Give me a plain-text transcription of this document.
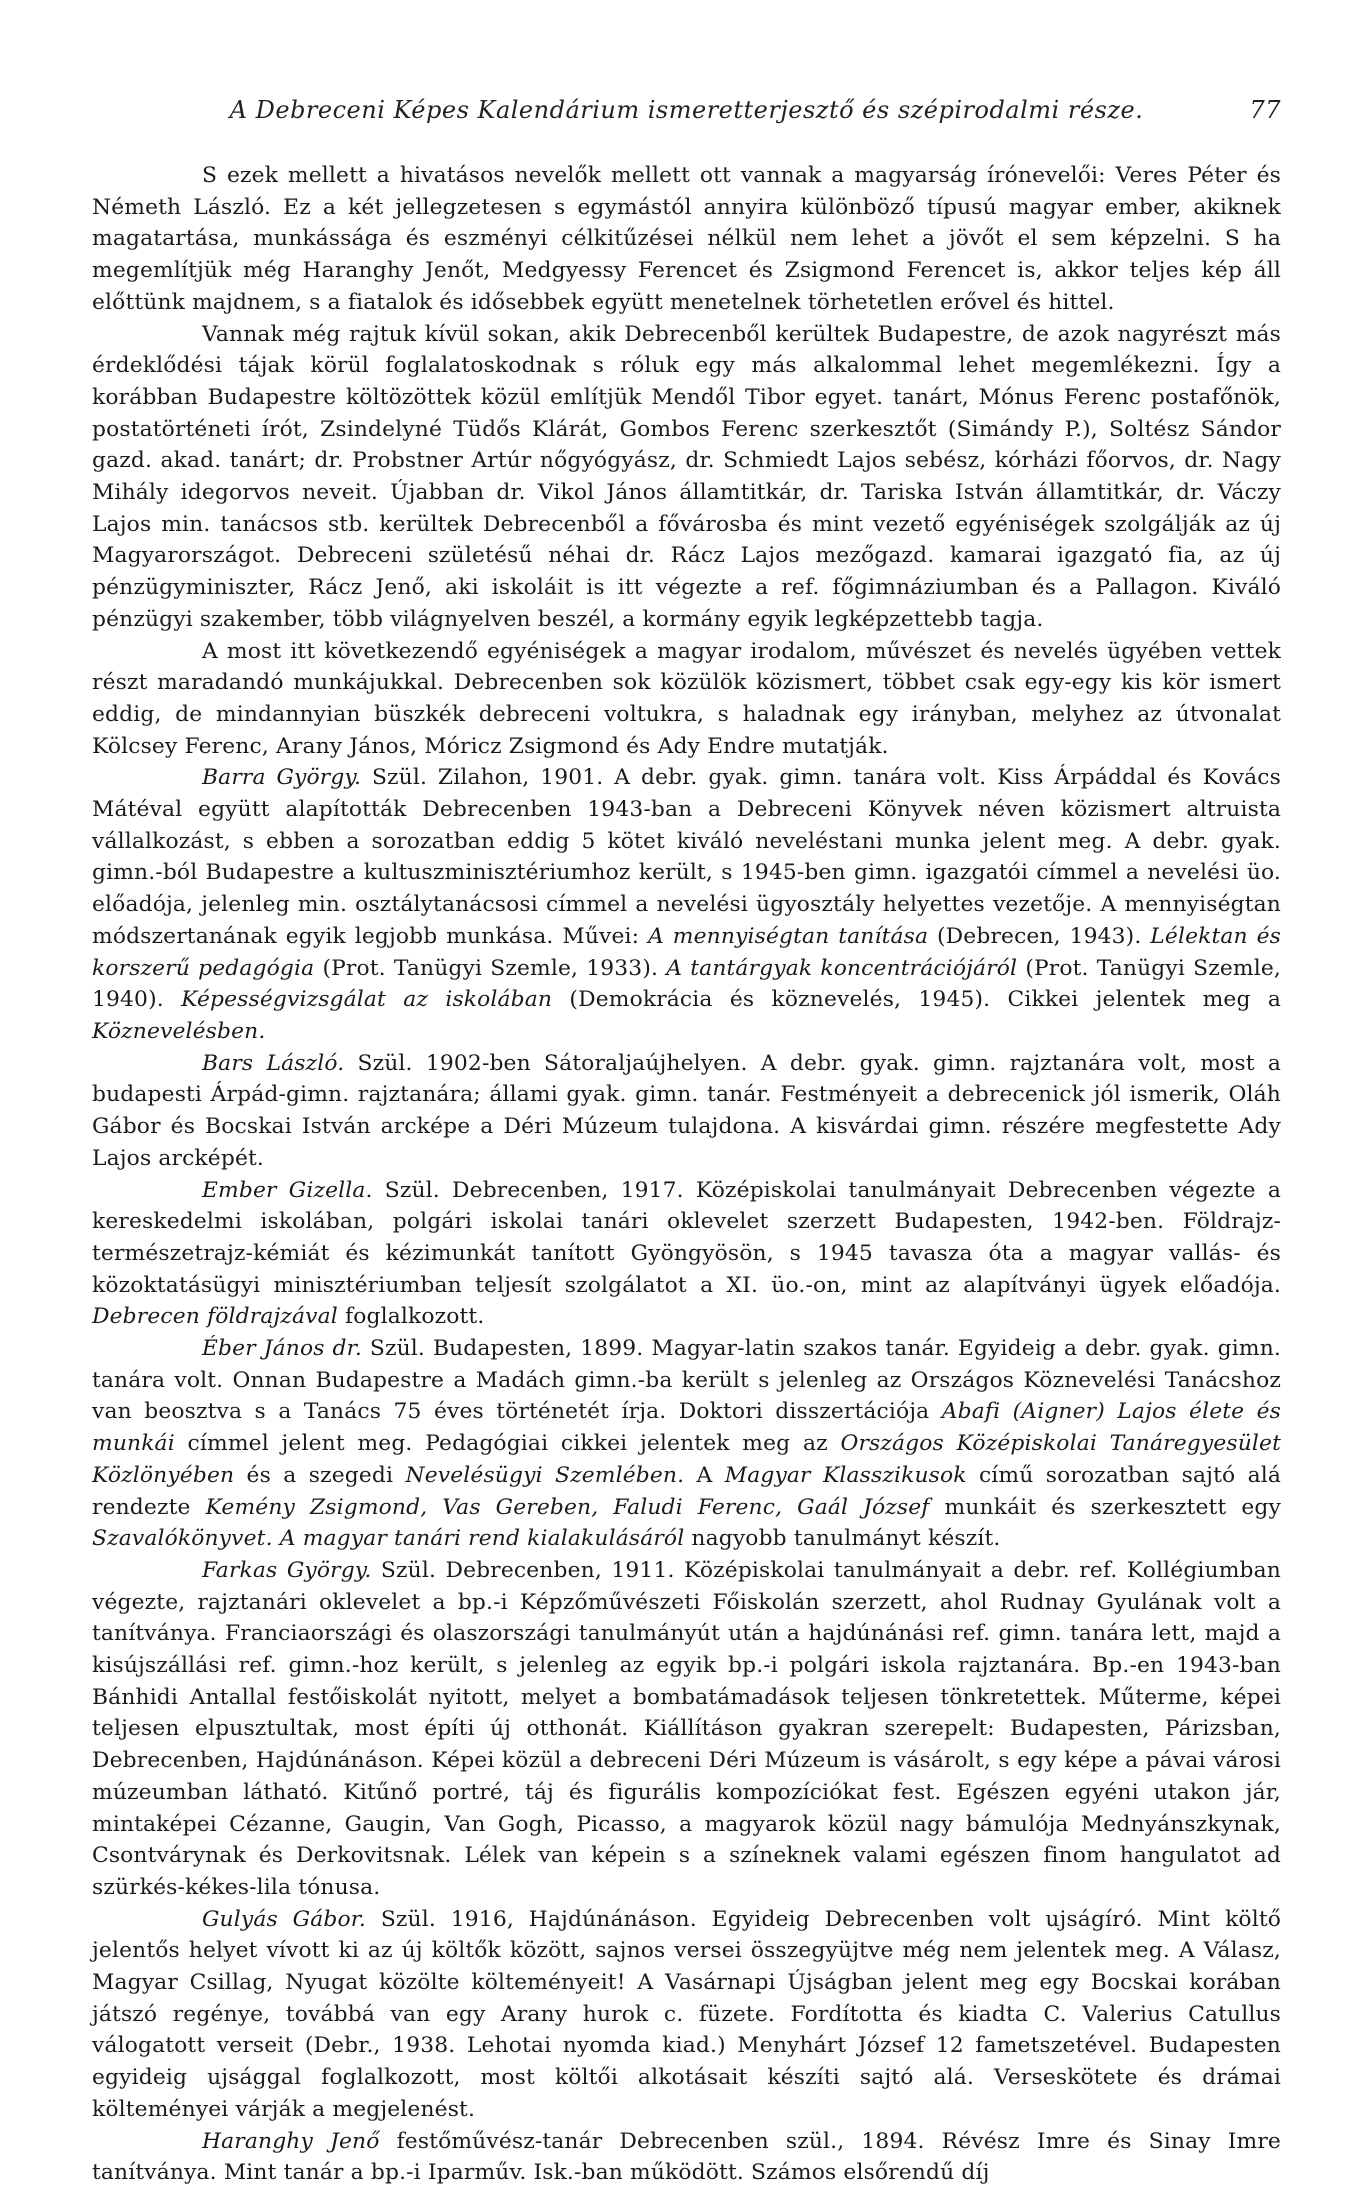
A Debreceni Képes Kalendárium ismeretterjesztő és szépirodalmi része.	77

S ezek mellett a hivatásos nevelők mellett ott vannak a magyarság írónevelői: Veres Péter és Németh László. Ez a két jellegzetesen s egymástól annyira különböző típusú magyar ember, akiknek magatartása, munkássága és eszményi célkitűzései nélkül nem lehet a jövőt el sem képzelni. S ha megemlítjük még Haranghy Jenőt, Medgyessy Ferencet és Zsigmond Ferencet is, akkor teljes kép áll előttünk majdnem, s a fiatalok és idősebbek együtt menetelnek törhetetlen erővel és hittel.

Vannak még rajtuk kívül sokan, akik Debrecenből kerültek Budapestre, de azok nagyrészt más érdeklődési tájak körül foglalatoskodnak s róluk egy más alkalommal lehet megemlékezni. Így a korábban Budapestre költözöttek közül említjük Mendől Tibor egyet. tanárt, Mónus Ferenc postafőnök, postatörténeti írót, Zsindelyné Tüdős Klárát, Gombos Ferenc szerkesztőt (Simándy P.), Soltész Sándor gazd. akad. tanárt; dr. Probstner Artúr nőgyógyász, dr. Schmiedt Lajos sebész, kórházi főorvos, dr. Nagy Mihály idegorvos neveit. Újabban dr. Vikol János államtitkár, dr. Tariska István államtitkár, dr. Váczy Lajos min. tanácsos stb. kerültek Debrecenből a fővárosba és mint vezető egyéniségek szolgálják az új Magyarországot. Debreceni születésű néhai dr. Rácz Lajos mezőgazd. kamarai igazgató fia, az új pénzügyminiszter, Rácz Jenő, aki iskoláit is itt végezte a ref. főgimnáziumban és a Pallagon. Kiváló pénzügyi szakember, több világnyelven beszél, a kormány egyik legképzettebb tagja.

A most itt következendő egyéniségek a magyar irodalom, művészet és nevelés ügyében vettek részt maradandó munkájukkal. Debrecenben sok közülök közismert, többet csak egy-egy kis kör ismert eddig, de mindannyian büszkék debreceni voltukra, s haladnak egy irányban, melyhez az útvonalat Kölcsey Ferenc, Arany János, Móricz Zsigmond és Ady Endre mutatják.

Barra György. Szül. Zilahon, 1901. A debr. gyak. gimn. tanára volt. Kiss Árpáddal és Kovács Mátéval együtt alapították Debrecenben 1943-ban a Debreceni Könyvek néven közismert altruista vállalkozást, s ebben a sorozatban eddig 5 kötet kiváló neveléstani munka jelent meg. A debr. gyak. gimn.-ból Budapestre a kultuszminisztériumhoz került, s 1945-ben gimn. igazgatói címmel a nevelési üo. előadója, jelenleg min. osztálytanácsosi címmel a nevelési ügyosztály helyettes vezetője. A mennyiségtan módszertanának egyik legjobb munkása. Művei: A mennyiségtan tanítása (Debrecen, 1943). Lélektan és korszerű pedagógia (Prot. Tanügyi Szemle, 1933). A tantárgyak koncentrációjáról (Prot. Tanügyi Szemle, 1940). Képességvizsgálat az iskolában (Demokrácia és köznevelés, 1945). Cikkei jelentek meg a Köznevelésben.

Bars László. Szül. 1902-ben Sátoraljaújhelyen. A debr. gyak. gimn. rajztanára volt, most a budapesti Árpád-gimn. rajztanára; állami gyak. gimn. tanár. Festményeit a debrecenick jól ismerik, Oláh Gábor és Bocskai István arcképe a Déri Múzeum tulajdona. A kisvárdai gimn. részére megfestette Ady Lajos arcképét.

Ember Gizella. Szül. Debrecenben, 1917. Középiskolai tanulmányait Debrecenben végezte a kereskedelmi iskolában, polgári iskolai tanári oklevelet szerzett Budapesten, 1942-ben. Földrajz-természetrajz-kémiát és kézimunkát tanított Gyöngyösön, s 1945 tavasza óta a magyar vallás- és közoktatásügyi minisztériumban teljesít szolgálatot a XI. üo.-on, mint az alapítványi ügyek előadója. Debrecen földrajzával foglalkozott.

Éber János dr. Szül. Budapesten, 1899. Magyar-latin szakos tanár. Egyideig a debr. gyak. gimn. tanára volt. Onnan Budapestre a Madách gimn.-ba került s jelenleg az Országos Köznevelési Tanácshoz van beosztva s a Tanács 75 éves történetét írja. Doktori disszertációja Abafi (Aigner) Lajos élete és munkái címmel jelent meg. Pedagógiai cikkei jelentek meg az Országos Középiskolai Tanáregyesület Közlönyében és a szegedi Nevelésügyi Szemlében. A Magyar Klasszikusok című sorozatban sajtó alá rendezte Kemény Zsigmond, Vas Gereben, Faludi Ferenc, Gaál József munkáit és szerkesztett egy Szavalókönyvet. A magyar tanári rend kialakulásáról nagyobb tanulmányt készít.

Farkas György. Szül. Debrecenben, 1911. Középiskolai tanulmányait a debr. ref. Kollégiumban végezte, rajztanári oklevelet a bp.-i Képzőművészeti Főiskolán szerzett, ahol Rudnay Gyulának volt a tanítványa. Franciaországi és olaszországi tanulmányút után a hajdúnánási ref. gimn. tanára lett, majd a kisújszállási ref. gimn.-hoz került, s jelenleg az egyik bp.-i polgári iskola rajztanára. Bp.-en 1943-ban Bánhidi Antallal festőiskolát nyitott, melyet a bombatámadások teljesen tönkretettek. Műterme, képei teljesen elpusztultak, most építi új otthonát. Kiállításon gyakran szerepelt: Budapesten, Párizsban, Debrecenben, Hajdúnánáson. Képei közül a debreceni Déri Múzeum is vásárolt, s egy képe a pávai városi múzeumban látható. Kitűnő portré, táj és figurális kompozíciókat fest. Egészen egyéni utakon jár, mintaképei Cézanne, Gaugin, Van Gogh, Picasso, a magyarok közül nagy bámulója Mednyánszkynak, Csontvárynak és Derkovitsnak. Lélek van képein s a színeknek valami egészen finom hangulatot ad szürkés-kékes-lila tónusa.

Gulyás Gábor. Szül. 1916, Hajdúnánáson. Egyideig Debrecenben volt ujságíró. Mint költő jelentős helyet vívott ki az új költők között, sajnos versei összegyüjtve még nem jelentek meg. A Válasz, Magyar Csillag, Nyugat közölte költeményeit! A Vasárnapi Újságban jelent meg egy Bocskai korában játszó regénye, továbbá van egy Arany hurok c. füzete. Fordította és kiadta C. Valerius Catullus válogatott verseit (Debr., 1938. Lehotai nyomda kiad.) Menyhárt József 12 fametszetével. Budapesten egyideig ujsággal foglalkozott, most költői alkotásait készíti sajtó alá. Verseskötete és drámai költeményei várják a megjelenést.

Haranghy Jenő festőművész-tanár Debrecenben szül., 1894. Révész Imre és Sinay Imre tanítványa. Mint tanár a bp.-i Iparműv. Isk.-ban működött. Számos elsőrendű díj
